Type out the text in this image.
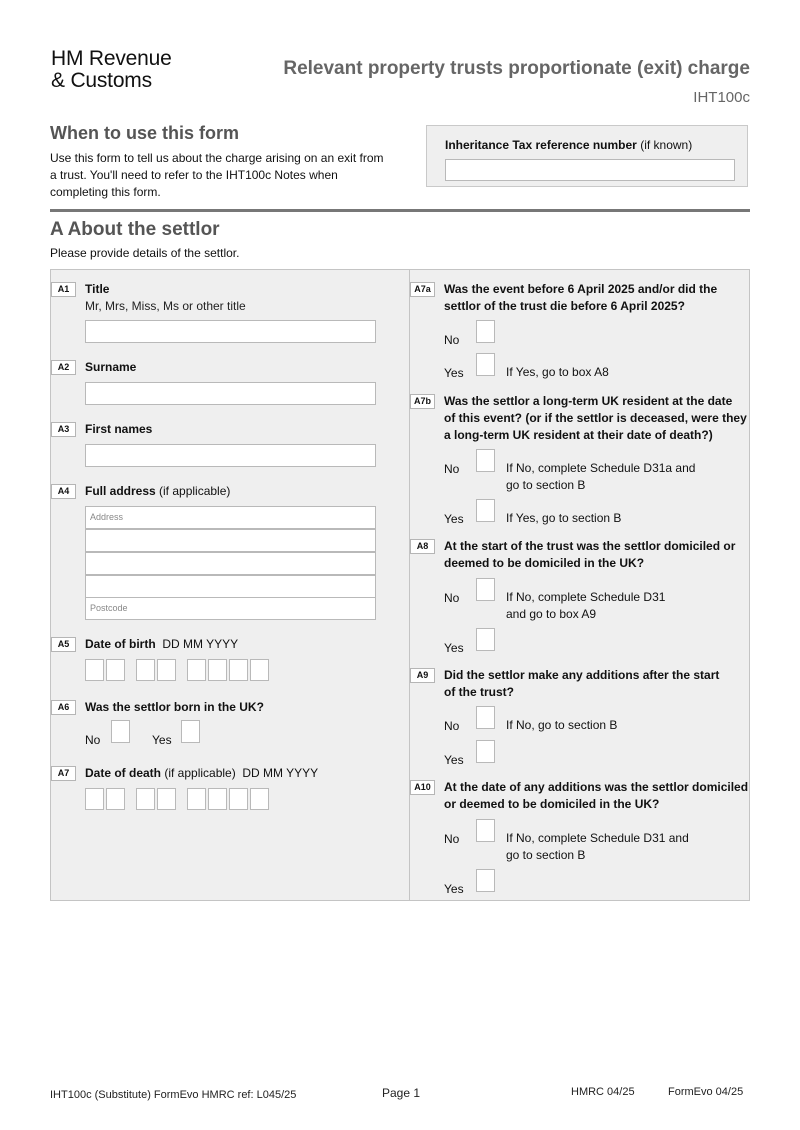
HM Revenue
& Customs
Relevant property trusts proportionate (exit) charge
IHT100c
When to use this form
Use this form to tell us about the charge arising on an exit from a trust. You'll need to refer to the IHT100c Notes when completing this form.
Inheritance Tax reference number (if known)
A About the settlor
Please provide details of the settlor.
A1	Title
Mr, Mrs, Miss, Ms or other title
A2	Surname
A3	First names
A4	Full address (if applicable)
Address
Postcode
A5	Date of birth DD MM YYYY
A6	Was the settlor born in the UK?
No	Yes
A7	Date of death (if applicable) DD MM YYYY
A7a	Was the event before 6 April 2025 and/or did the
settlor of the trust die before 6 April 2025?
No
Yes	If Yes, go to box A8
A7b	Was the settlor a long-term UK resident at the date
of this event? (or if the settlor is deceased, were they
a long-term UK resident at their date of death?)
No	If No, complete Schedule D31a and
go to section B
Yes	If Yes, go to section B
A8	At the start of the trust was the settlor domiciled or
deemed to be domiciled in the UK?
No	If No, complete Schedule D31
and go to box A9
Yes
A9	Did the settlor make any additions after the start
of the trust?
No	If No, go to section B
Yes
A10	At the date of any additions was the settlor domiciled
or deemed to be domiciled in the UK?
No	If No, complete Schedule D31 and
go to section B
Yes
IHT100c (Substitute) FormEvo HMRC ref: L045/25	Page 1	HMRC 04/25	FormEvo 04/25
